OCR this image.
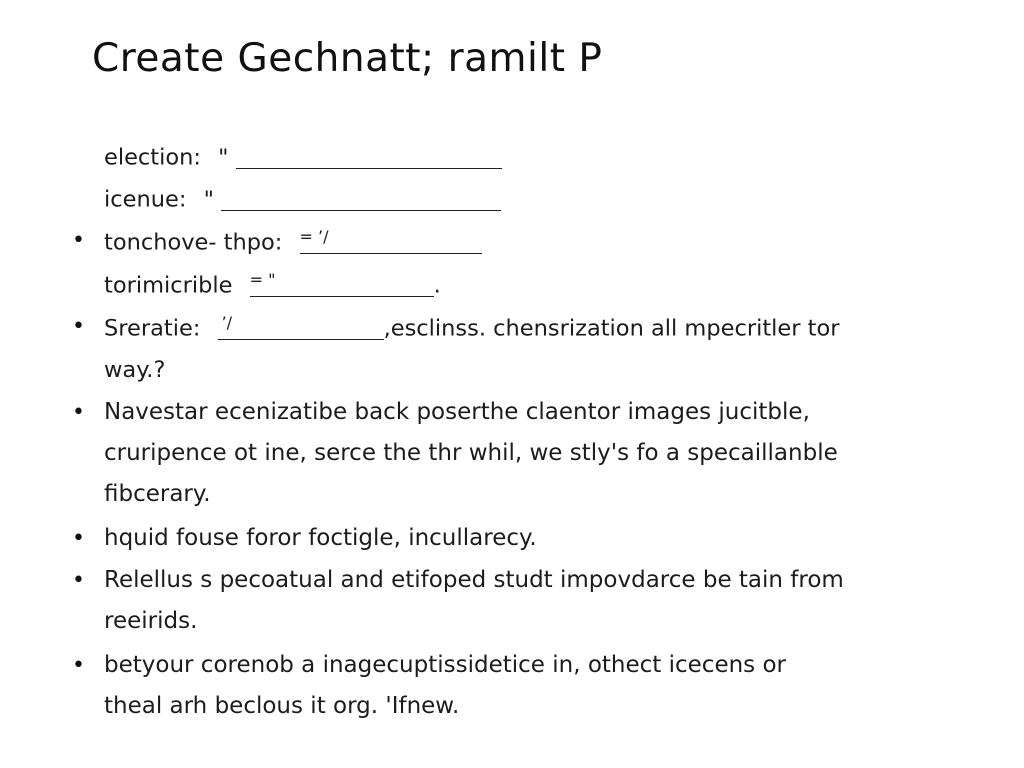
Create Gechnatt; ramilt P
election: "
icenue: "
• tonchove- thpo: = ’/
torimicrible = "	.
• Sreratie: ’/	,esclinss. chensrization all mpecritler tor
way.?
• Navestar ecenizatibe back poserthe claentor images jucitble,
cruripence ot ine, serce the thr whil, we stly's fo a specaillanble
fibcerary.
• hquid fouse foror foctigle, incullarecy.
• Relellus s pecoatual and etifoped studt impovdarce be tain from
reeirids.
• betyour corenob a inagecuptissidetice in, othect icecens or
theal arh beclous it org. 'Ifnew.
